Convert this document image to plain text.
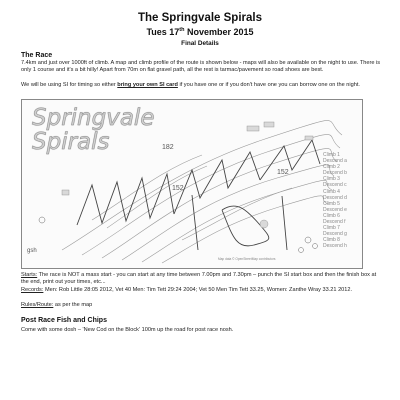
The Springvale Spirals
Tues 17th November 2015
Final Details
The Race
7.4km and just over 1000ft of climb. A map and climb profile of the route is shown below - maps will also be available on the night to use. There is only 1 course and it's a bit hilly! Apart from 70m on flat gravel path, all the rest is tarmac/pavement so road shoes are best.
We will be using SI for timing so either bring your own SI card if you have one or if you don't have one you can borrow one on the night.
182
152
152
Springvale
Spirals	Climb 1
Descend a
Climb 2
Descend b
Climb 3
Descend c
Climb 4
Descend d
Climb 5
Descend e
Climb 6
Descend f
Climb 7
Descend g
Climb 8
Descend h
gsh
Map data © OpenStreetMap contributors
Starts: The race is NOT a mass start - you can start at any time between 7.00pm and 7.30pm – punch the SI start box and then the finish box at the end, print out your times, etc...
Records: Men: Rob Little 28:05 2012, Vet 40 Men: Tim Tett 29:24 2004; Vet 50 Men Tim Tett 33.25, Women: Zanthe Wray 33.21 2012.
Rules/Route: as per the map
Post Race Fish and Chips
Come with some dosh – 'New Cod on the Block' 100m up the road for post race nosh.
